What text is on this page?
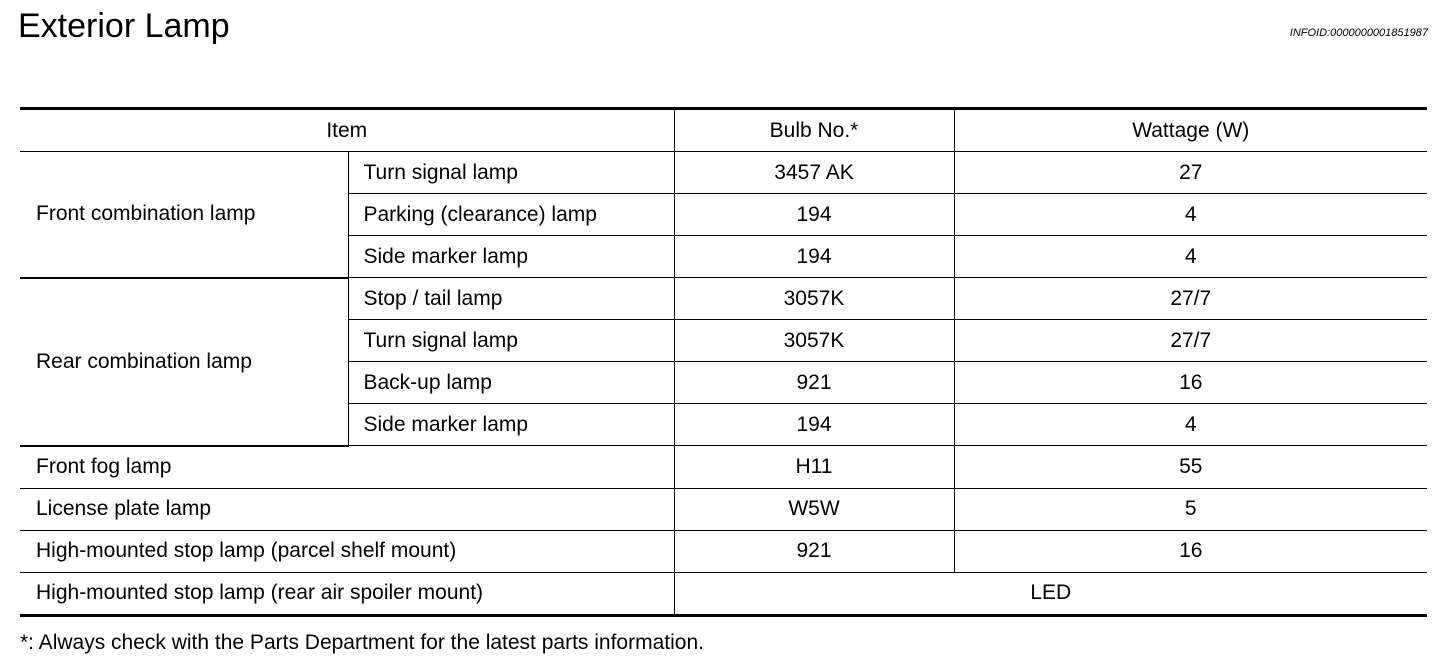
Exterior Lamp	INFOID:0000000001851987
Item		Bulb No.*	Wattage (W)
Front combination lamp	Turn signal lamp	3457 AK	27
	Parking (clearance) lamp	194	4
	Side marker lamp	194	4
Rear combination lamp	Stop / tail lamp	3057K	27/7
	Turn signal lamp	3057K	27/7
	Back-up lamp	921	16
	Side marker lamp	194	4
Front fog lamp		H11	55
License plate lamp		W5W	5
High-mounted stop lamp (parcel shelf mount)		921	16
High-mounted stop lamp (rear air spoiler mount)		LED	

*: Always check with the Parts Department for the latest parts information.
